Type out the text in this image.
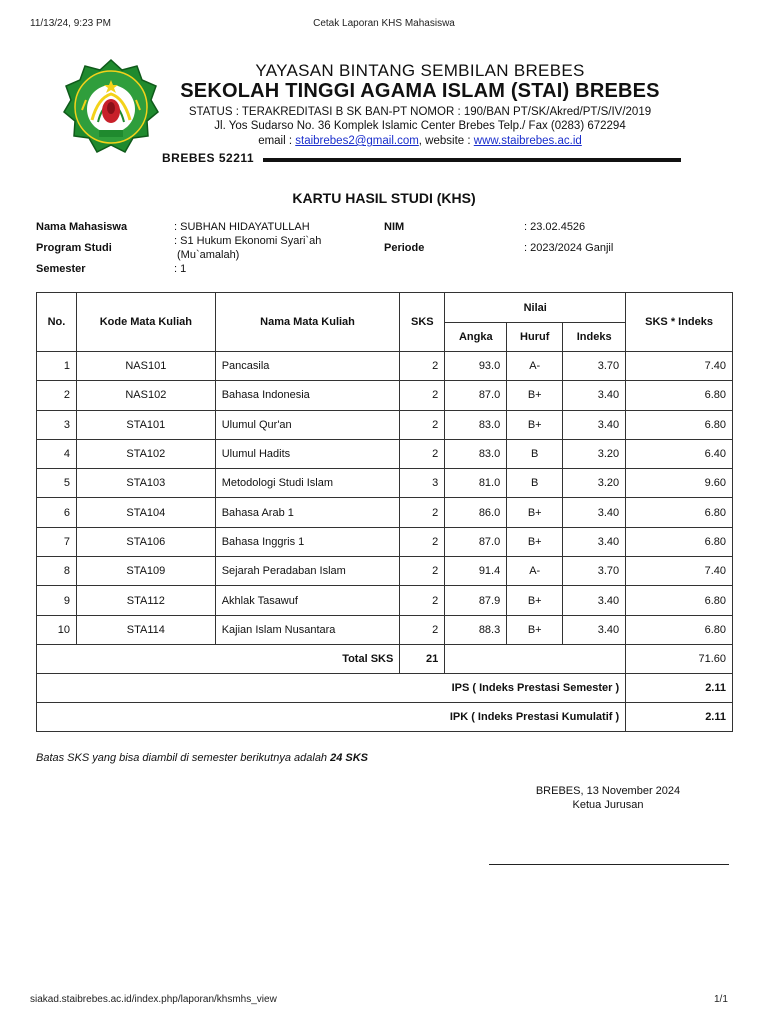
11/13/24, 9:23 PM	Cetak Laporan KHS Mahasiswa
YAYASAN BINTANG SEMBILAN BREBES
SEKOLAH TINGGI AGAMA ISLAM (STAI) BREBES
STATUS : TERAKREDITASI B SK BAN-PT NOMOR : 190/BAN PT/SK/Akred/PT/S/IV/2019
Jl. Yos Sudarso No. 36 Komplek Islamic Center Brebes Telp./ Fax (0283) 672294
email : staibrebes2@gmail.com, website : www.staibrebes.ac.id
BREBES 52211
KARTU HASIL STUDI (KHS)
Nama Mahasiswa	: SUBHAN HIDAYATULLAH
Program Studi
: S1 Hukum Ekonomi Syari`ah
(Mu`amalah)
Semester	: 1
NIM	: 23.02.4526
Periode	: 2023/2024 Ganjil
No.	Kode Mata Kuliah	Nama Mata Kuliah	SKS	Nilai			SKS * Indeks
				Angka	Huruf	Indeks	
1	NAS101	Pancasila	2	93.0	A-	3.70	7.40
2	NAS102	Bahasa Indonesia	2	87.0	B+	3.40	6.80
3	STA101	Ulumul Qur'an	2	83.0	B+	3.40	6.80
4	STA102	Ulumul Hadits	2	83.0	B	3.20	6.40
5	STA103	Metodologi Studi Islam	3	81.0	B	3.20	9.60
6	STA104	Bahasa Arab 1	2	86.0	B+	3.40	6.80
7	STA106	Bahasa Inggris 1	2	87.0	B+	3.40	6.80
8	STA109	Sejarah Peradaban Islam	2	91.4	A-	3.70	7.40
9	STA112	Akhlak Tasawuf	2	87.9	B+	3.40	6.80
10	STA114	Kajian Islam Nusantara	2	88.3	B+	3.40	6.80
Total SKS			21				71.60
IPS ( Indeks Prestasi Semester )							2.11
IPK ( Indeks Prestasi Kumulatif )							2.11
Batas SKS yang bisa diambil di semester berikutnya adalah 24 SKS
BREBES, 13 November 2024
Ketua Jurusan
siakad.staibrebes.ac.id/index.php/laporan/khsmhs_view	1/1
